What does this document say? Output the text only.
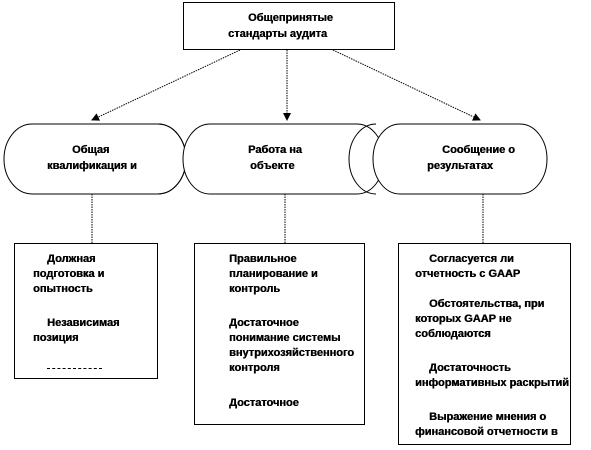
Общепринятые
стандарты аудита
Общая
квалификация и
Работа на
объекте
Сообщение о
результатах
Должная
подготовка и
опытность
Независимая
позиция
Правильное
планирование и
контроль
Достаточное
понимание системы
внутрихозяйственного
контроля
Достаточное
Согласуется ли
отчетность с GAAP
Обстоятельства, при
которых GAAP не
соблюдаются
Достаточность
информативных раскрытий
Выражение мнения о
финансовой отчетности в
